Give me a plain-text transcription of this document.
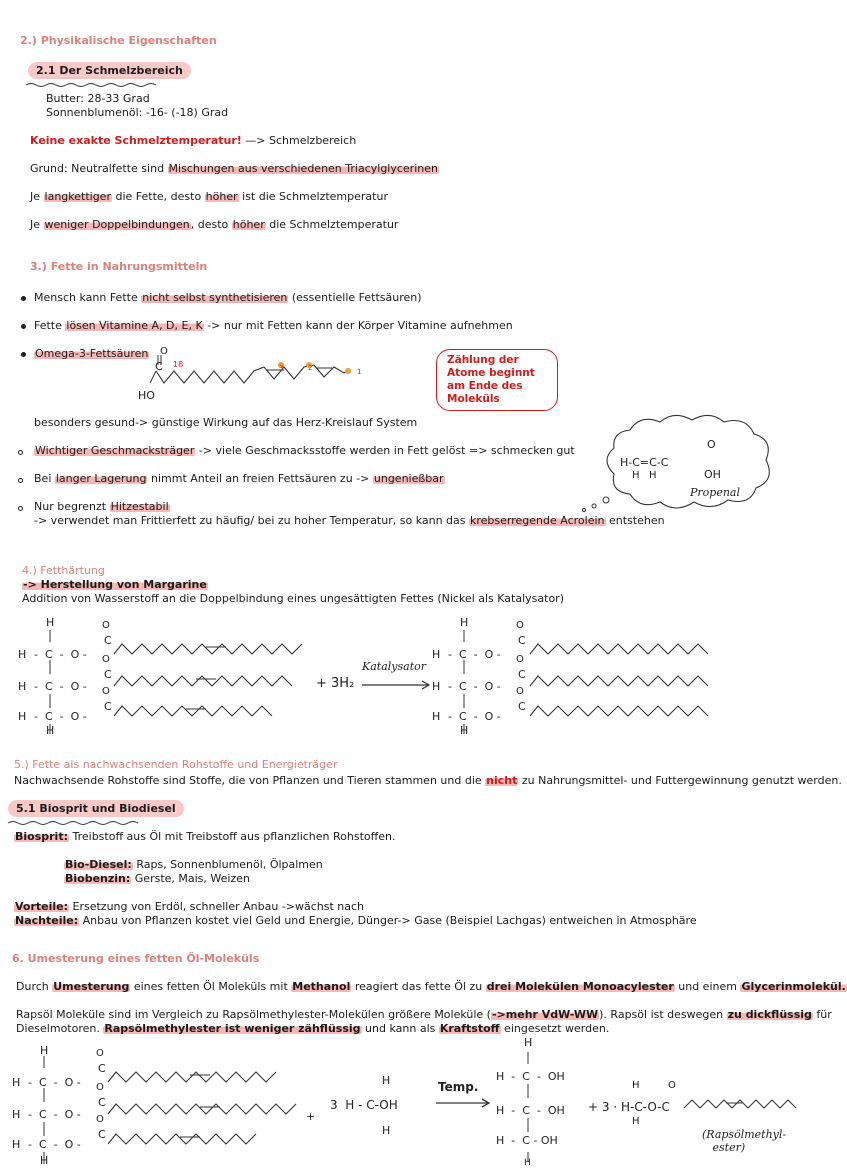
2.) Physikalische Eigenschaften
2.1 Der Schmelzbereich
Butter: 28-33 Grad
Sonnenblumenöl: -16- (-18) Grad
Keine exakte Schmelztemperatur! —> Schmelzbereich
Grund: Neutralfette sind Mischungen aus verschiedenen Triacylglycerinen
Je langkettiger die Fette, desto höher ist die Schmelztemperatur
Je weniger Doppelbindungen, desto höher die Schmelztemperatur
3.) Fette in Nahrungsmitteln
Mensch kann Fette nicht selbst synthetisieren (essentielle Fettsäuren)
Fette lösen Vitamine A, D, E, K -> nur mit Fetten kann der Körper Vitamine aufnehmen
Omega-3-Fettsäuren O
C 18	3	2	1
HO
Zählung der Atome beginnt am Ende des Moleküls
besonders gesund-> günstige Wirkung auf das Herz-Kreislauf System
Wichtiger Geschmacksträger -> viele Geschmacksstoffe werden in Fett gelöst => schmecken gut
Bei langer Lagerung nimmt Anteil an freien Fettsäuren zu -> ungenießbar
Nur begrenzt Hitzestabil
-> verwendet man Frittierfett zu häufig/ bei zu hoher Temperatur, so kann das krebserregende Acrolein entstehen
H-C=C-C
H   H
O
OH
Propenal
4.) Fetthärtung
-> Herstellung von Margarine
Addition von Wasserstoff an die Doppelbindung eines ungesättigten Fettes (Nickel als Katalysator)
H
H -  C  -  O -
O
C
H -  C  -  O -
O
C
H -  C  -  O -
O
C
H
+ 3H₂
Katalysator
H
H -  C  -  O -
O
C
H -  C  -  O -
O
C
H -  C  -  O -
O
C
H
5.) Fette als nachwachsenden Rohstoffe und Energieträger
Nachwachsende Rohstoffe sind Stoffe, die von Pflanzen und Tieren stammen und die nicht zu Nahrungsmittel- und Futtergewinnung genutzt werden.
5.1 Biosprit und Biodiesel
Biosprit: Treibstoff aus Öl mit Treibstoff aus pflanzlichen Rohstoffen.
Bio-Diesel: Raps, Sonnenblumenöl, Ölpalmen
Biobenzin: Gerste, Mais, Weizen
Vorteile: Ersetzung von Erdöl, schneller Anbau ->wächst nach
Nachteile: Anbau von Pflanzen kostet viel Geld und Energie, Dünger-> Gase (Beispiel Lachgas) entweichen in Atmosphäre
6. Umesterung eines fetten Öl-Moleküls
Durch Umesterung eines fetten Öl Moleküls mit Methanol reagiert das fette Öl zu drei Molekülen Monoacylester und einem Glycerinmolekül.
Rapsöl Moleküle sind im Vergleich zu Rapsölmethylester-Molekülen größere Moleküle (->mehr VdW-WW). Rapsöl ist deswegen zu dickflüssig für
Dieselmotoren. Rapsölmethylester ist weniger zähflüssig und kann als Kraftstoff eingesetzt werden.
H
H -  C  -  O -
O
C
H -  C  -  O -
O
C
H -  C  -  O -
O
C
H
+
H
3  H - C-OH
H
Temp.
H
H  -  C  -  OH
H  -  C  -  OH
H  -  C - OH
H
H	O
+ 3 · H-C-O-C
H
(Rapsölmethyl-
ester)
